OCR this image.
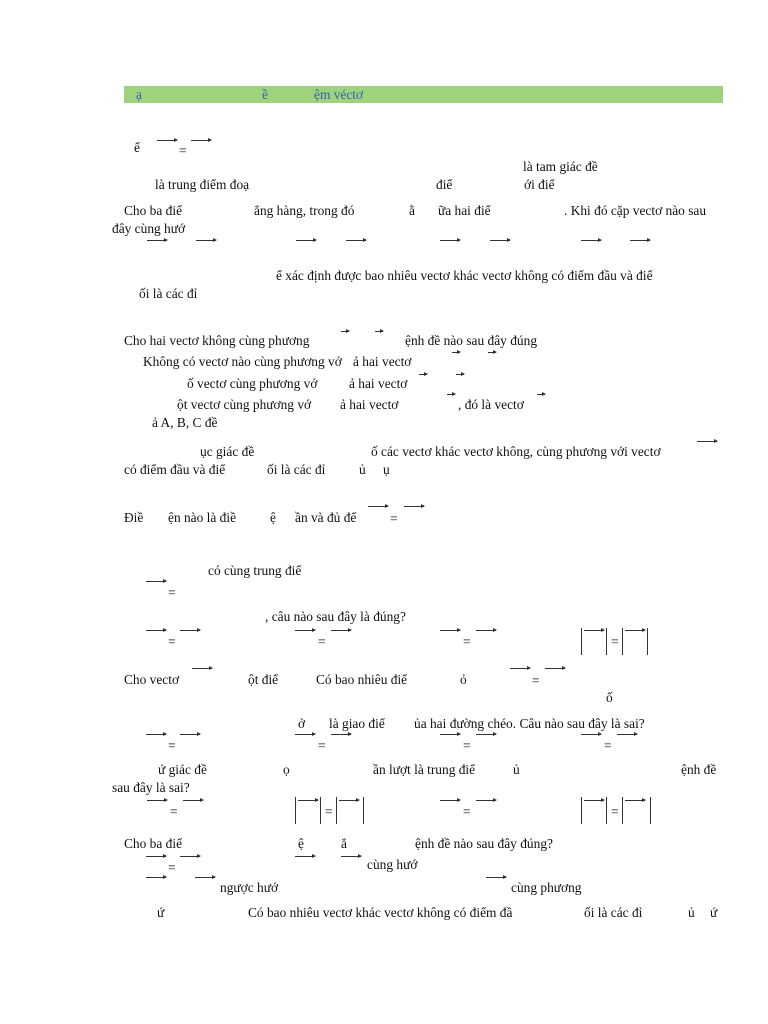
ạ	ề	ệm véctơ
ể	=
là tam giác đề
là trung điểm đoạ	điể	ới điể
Cho ba điể	ẳng hàng, trong đó	ằ ữa hai điể	. Khi đó cặp vectơ nào sau
đây cùng hướ
ể xác định được bao nhiêu vectơ khác vectơ không có điểm đầu và điể
ối là các đỉ
Cho hai vectơ không cùng phương	ệnh đề nào sau đây đúng
Không có vectơ nào cùng phương vớ ả hai vectơ
ố vectơ cùng phương vớ ả hai vectơ
ột vectơ cùng phương vớ ả hai vectơ	, đó là vectơ
ả A, B, C đề
ục giác đề	ố các vectơ khác vectơ không, cùng phương với vectơ
có điểm đầu và điể	ối là các đỉ	ủ ụ
Điề ện nào là điề	ệ ần và đủ để	=
có cùng trung điể
=
, câu nào sau đây là đúng?
=	=	=	=
Cho vectơ	ột điể	Có bao nhiêu điể	ỏ	=
ố
ở là giao điể ủa hai đường chéo. Câu nào sau đây là sai?
=	=	=	=
ứ giác đề	ọ	ần lượt là trung điể	ủ	ệnh đề
sau đây là sai?
=	=	=	=
Cho ba điể	ệ	ẳ	ệnh đề nào sau đây đúng?
=	cùng hướ
ngược hướ	cùng phương
ứ	Có bao nhiêu vectơ khác vectơ không có điểm đầ	ối là các đỉ	ủ ứ
